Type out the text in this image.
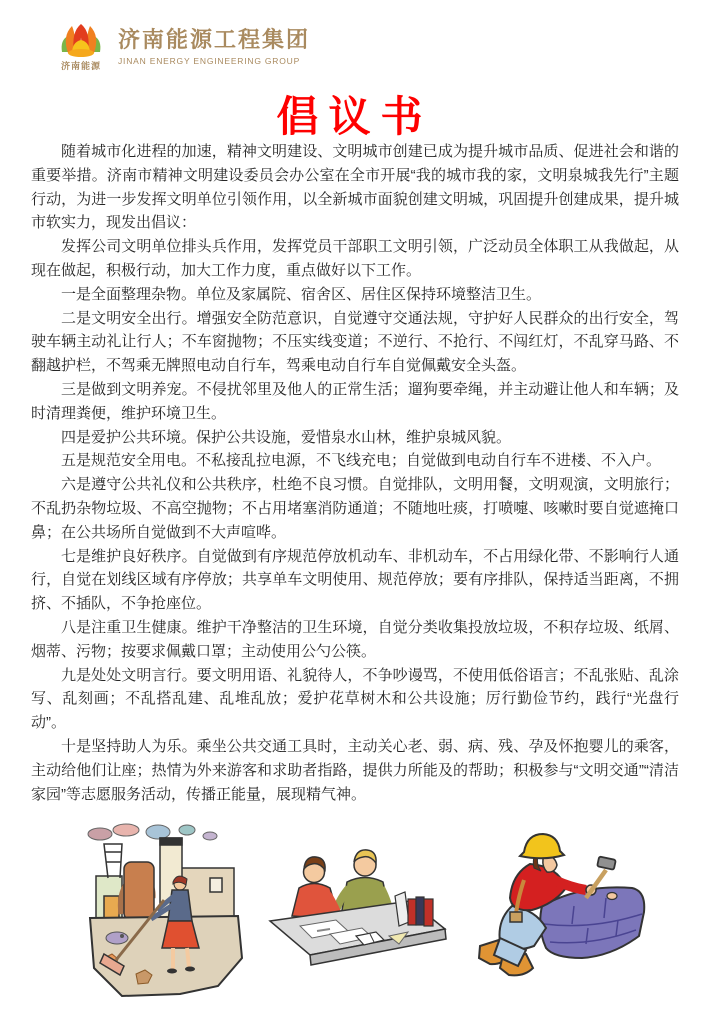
济南能源
济南能源工程集团
JINAN ENERGY ENGINEERING GROUP
倡议书

随着城市化进程的加速，精神文明建设、文明城市创建已成为提升城市品质、促进社会和谐的重要举措。济南市精神文明建设委员会办公室在全市开展“我的城市我的家，文明泉城我先行”主题行动，为进一步发挥文明单位引领作用，以全新城市面貌创建文明城，巩固提升创建成果，提升城市软实力，现发出倡议：

发挥公司文明单位排头兵作用，发挥党员干部职工文明引领，广泛动员全体职工从我做起，从现在做起，积极行动，加大工作力度，重点做好以下工作。

一是全面整理杂物。单位及家属院、宿舍区、居住区保持环境整洁卫生。

二是文明安全出行。增强安全防范意识，自觉遵守交通法规，守护好人民群众的出行安全，驾驶车辆主动礼让行人；不车窗抛物；不压实线变道；不逆行、不抢行、不闯红灯，不乱穿马路、不翻越护栏，不驾乘无牌照电动自行车，驾乘电动自行车自觉佩戴安全头盔。

三是做到文明养宠。不侵扰邻里及他人的正常生活；遛狗要牵绳，并主动避让他人和车辆；及时清理粪便，维护环境卫生。

四是爱护公共环境。保护公共设施，爱惜泉水山林，维护泉城风貌。

五是规范安全用电。不私接乱拉电源，不飞线充电；自觉做到电动自行车不进楼、不入户。

六是遵守公共礼仪和公共秩序，杜绝不良习惯。自觉排队，文明用餐，文明观演，文明旅行；不乱扔杂物垃圾、不高空抛物；不占用堵塞消防通道；不随地吐痰，打喷嚏、咳嗽时要自觉遮掩口鼻；在公共场所自觉做到不大声喧哗。

七是维护良好秩序。自觉做到有序规范停放机动车、非机动车，不占用绿化带、不影响行人通行，自觉在划线区域有序停放；共享单车文明使用、规范停放；要有序排队，保持适当距离，不拥挤、不插队，不争抢座位。

八是注重卫生健康。维护干净整洁的卫生环境，自觉分类收集投放垃圾，不积存垃圾、纸屑、烟蒂、污物；按要求佩戴口罩；主动使用公勺公筷。

九是处处文明言行。要文明用语、礼貌待人，不争吵谩骂，不使用低俗语言；不乱张贴、乱涂写、乱刻画；不乱搭乱建、乱堆乱放；爱护花草树木和公共设施；厉行勤俭节约，践行“光盘行动”。

十是坚持助人为乐。乘坐公共交通工具时，主动关心老、弱、病、残、孕及怀抱婴儿的乘客，主动给他们让座；热情为外来游客和求助者指路，提供力所能及的帮助；积极参与“文明交通”“清洁家园”等志愿服务活动，传播正能量，展现精气神。
